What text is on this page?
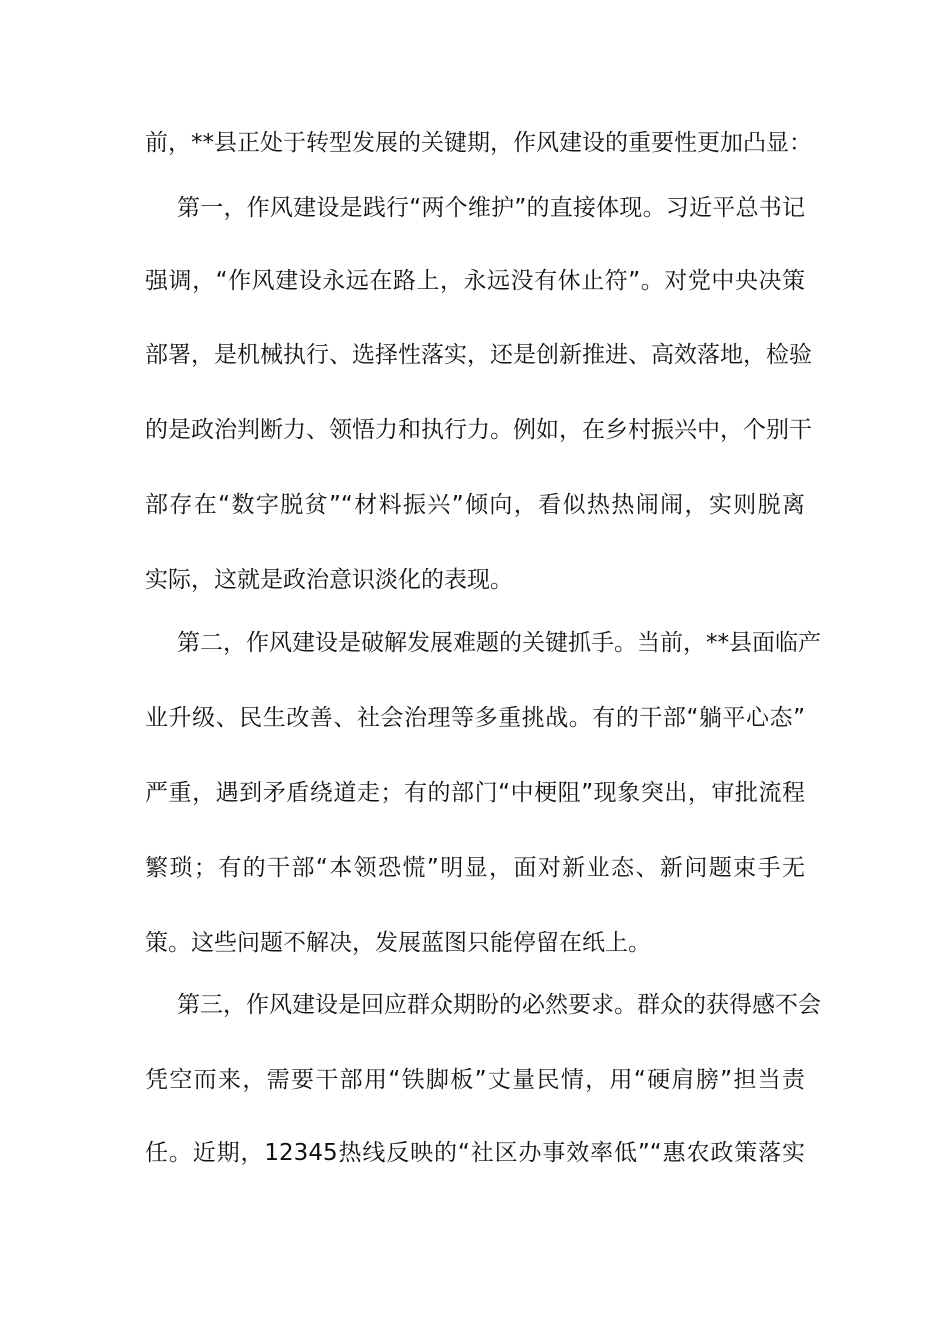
前，**县正处于转型发展的关键期，作风建设的重要性更加凸显：

第一，作风建设是践行“两个维护”的直接体现。习近平总书记

强调，“作风建设永远在路上，永远没有休止符”。对党中央决策

部署，是机械执行、选择性落实，还是创新推进、高效落地，检验

的是政治判断力、领悟力和执行力。例如，在乡村振兴中，个别干

部存在“数字脱贫”“材料振兴”倾向，看似热热闹闹，实则脱离

实际，这就是政治意识淡化的表现。

第二，作风建设是破解发展难题的关键抓手。当前，**县面临产

业升级、民生改善、社会治理等多重挑战。有的干部“躺平心态”

严重，遇到矛盾绕道走；有的部门“中梗阻”现象突出，审批流程

繁琐；有的干部“本领恐慌”明显，面对新业态、新问题束手无

策。这些问题不解决，发展蓝图只能停留在纸上。

第三，作风建设是回应群众期盼的必然要求。群众的获得感不会

凭空而来，需要干部用“铁脚板”丈量民情，用“硬肩膀”担当责

任。近期，12345热线反映的“社区办事效率低”“惠农政策落实
